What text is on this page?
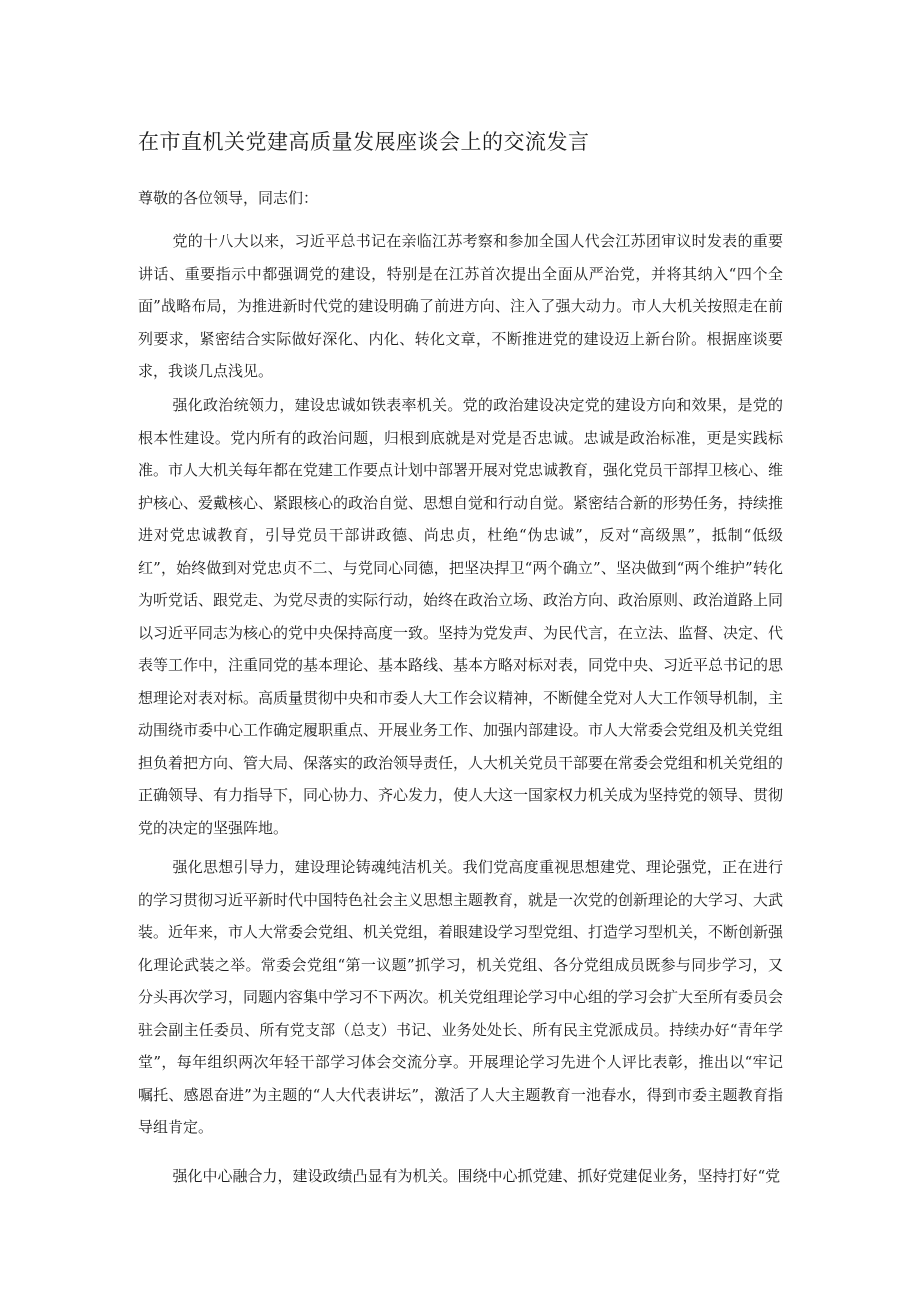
在市直机关党建高质量发展座谈会上的交流发言

尊敬的各位领导，同志们：

党的十八大以来，习近平总书记在亲临江苏考察和参加全国人代会江苏团审议时发表的重要讲话、重要指示中都强调党的建设，特别是在江苏首次提出全面从严治党，并将其纳入“四个全面”战略布局，为推进新时代党的建设明确了前进方向、注入了强大动力。市人大机关按照走在前列要求，紧密结合实际做好深化、内化、转化文章，不断推进党的建设迈上新台阶。根据座谈要求，我谈几点浅见。

强化政治统领力，建设忠诚如铁表率机关。党的政治建设决定党的建设方向和效果，是党的根本性建设。党内所有的政治问题，归根到底就是对党是否忠诚。忠诚是政治标准，更是实践标准。市人大机关每年都在党建工作要点计划中部署开展对党忠诚教育，强化党员干部捍卫核心、维护核心、爱戴核心、紧跟核心的政治自觉、思想自觉和行动自觉。紧密结合新的形势任务，持续推进对党忠诚教育，引导党员干部讲政德、尚忠贞，杜绝“伪忠诚”，反对“高级黑”，抵制“低级红”，始终做到对党忠贞不二、与党同心同德，把坚决捍卫“两个确立”、坚决做到“两个维护”转化为听党话、跟党走、为党尽责的实际行动，始终在政治立场、政治方向、政治原则、政治道路上同以习近平同志为核心的党中央保持高度一致。坚持为党发声、为民代言，在立法、监督、决定、代表等工作中，注重同党的基本理论、基本路线、基本方略对标对表，同党中央、习近平总书记的思想理论对表对标。高质量贯彻中央和市委人大工作会议精神，不断健全党对人大工作领导机制，主动围绕市委中心工作确定履职重点、开展业务工作、加强内部建设。市人大常委会党组及机关党组担负着把方向、管大局、保落实的政治领导责任，人大机关党员干部要在常委会党组和机关党组的正确领导、有力指导下，同心协力、齐心发力，使人大这一国家权力机关成为坚持党的领导、贯彻党的决定的坚强阵地。

强化思想引导力，建设理论铸魂纯洁机关。我们党高度重视思想建党、理论强党，正在进行的学习贯彻习近平新时代中国特色社会主义思想主题教育，就是一次党的创新理论的大学习、大武装。近年来，市人大常委会党组、机关党组，着眼建设学习型党组、打造学习型机关，不断创新强化理论武装之举。常委会党组“第一议题”抓学习，机关党组、各分党组成员既参与同步学习，又分头再次学习，同题内容集中学习不下两次。机关党组理论学习中心组的学习会扩大至所有委员会驻会副主任委员、所有党支部（总支）书记、业务处处长、所有民主党派成员。持续办好“青年学堂”，每年组织两次年轻干部学习体会交流分享。开展理论学习先进个人评比表彰，推出以“牢记嘱托、感恩奋进”为主题的“人大代表讲坛”，激活了人大主题教育一池春水，得到市委主题教育指导组肯定。

强化中心融合力，建设政绩凸显有为机关。围绕中心抓党建、抓好党建促业务，坚持打好“党
